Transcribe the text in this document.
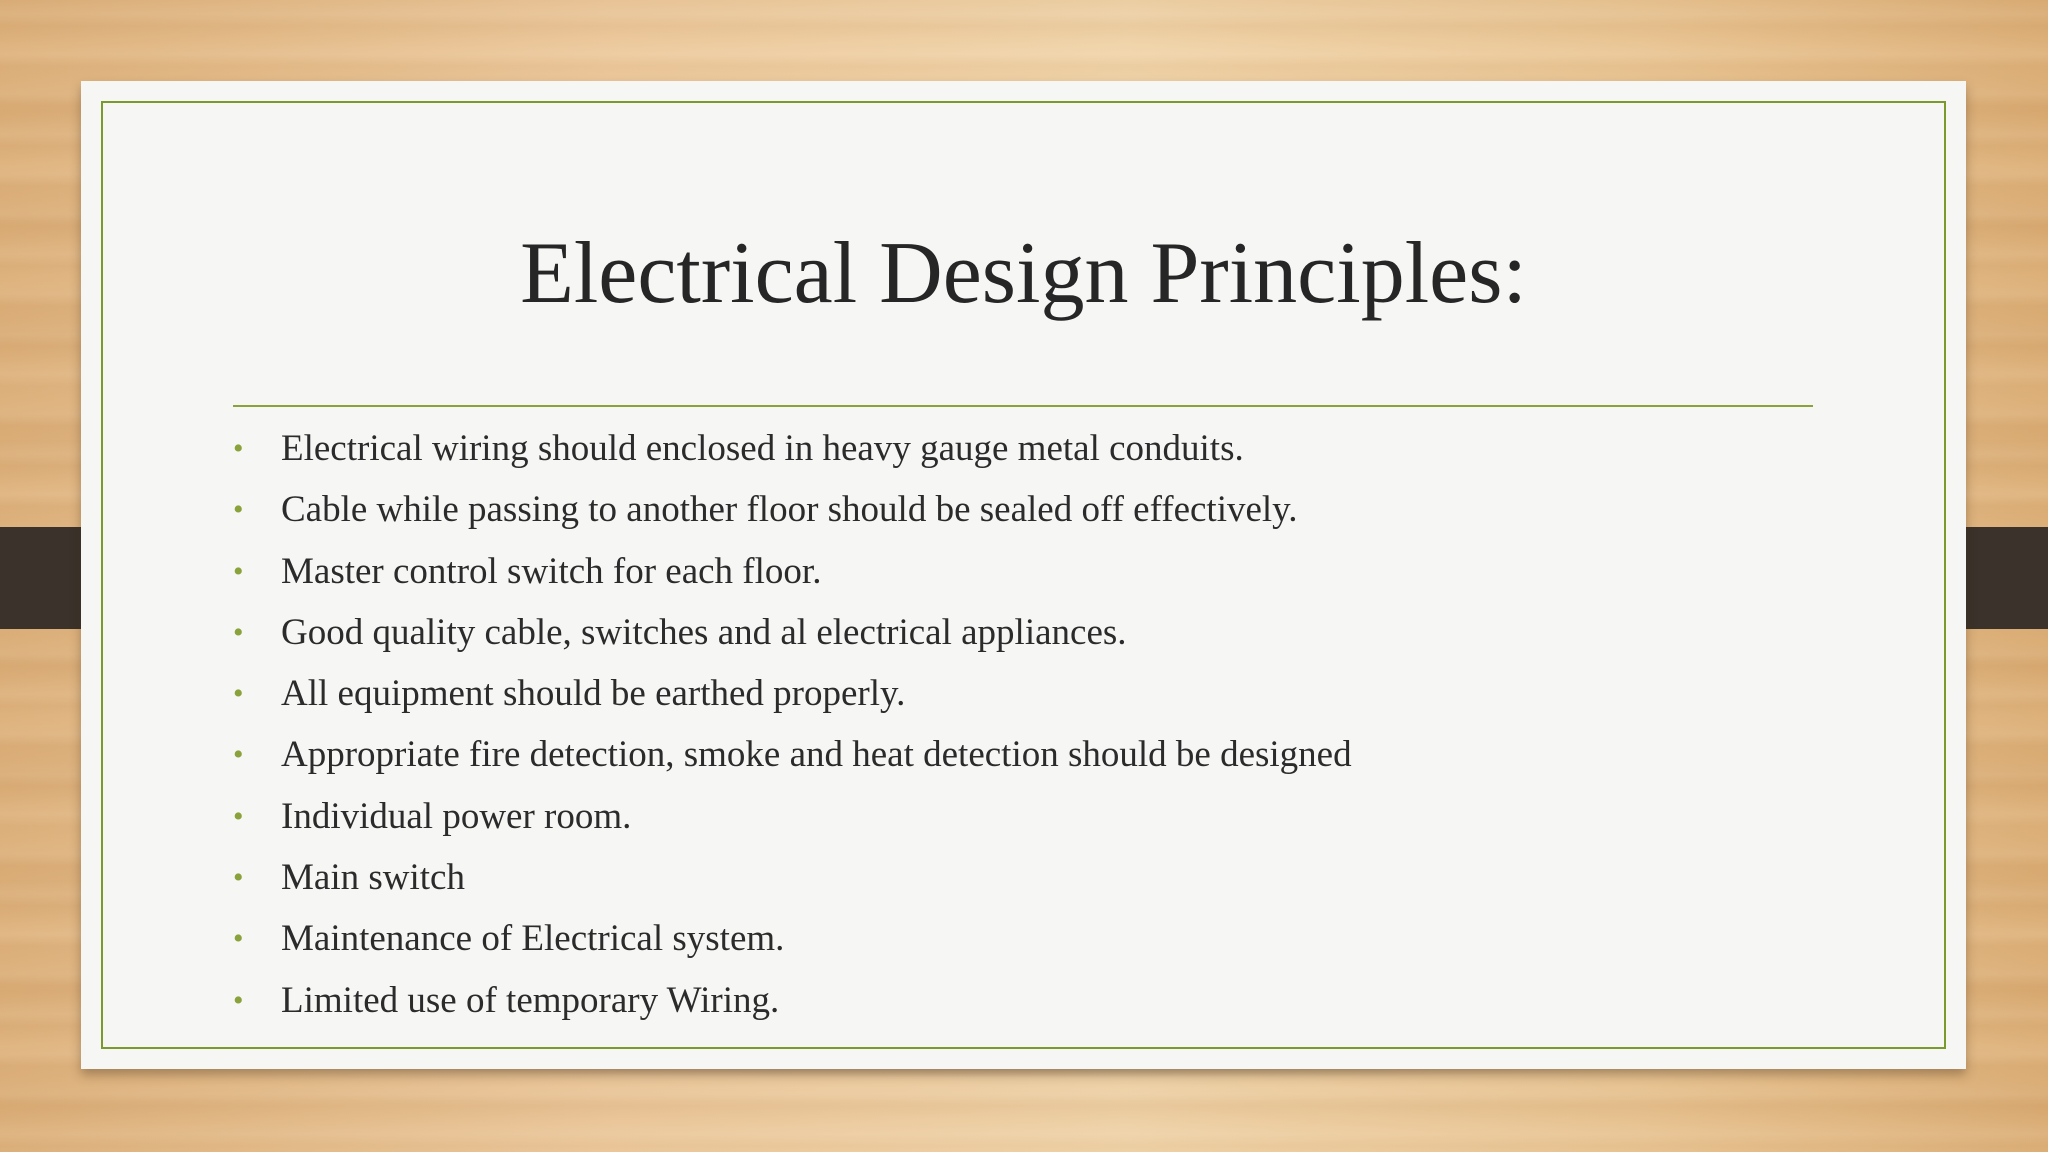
Electrical Design Principles:
• Electrical wiring should enclosed in heavy gauge metal conduits.
• Cable while passing to another floor should be sealed off effectively.
• Master control switch for each floor.
• Good quality cable, switches and al electrical appliances.
• All equipment should be earthed properly.
• Appropriate fire detection, smoke and heat detection should be designed
• Individual power room.
• Main switch
• Maintenance of Electrical system.
• Limited use of temporary Wiring.
